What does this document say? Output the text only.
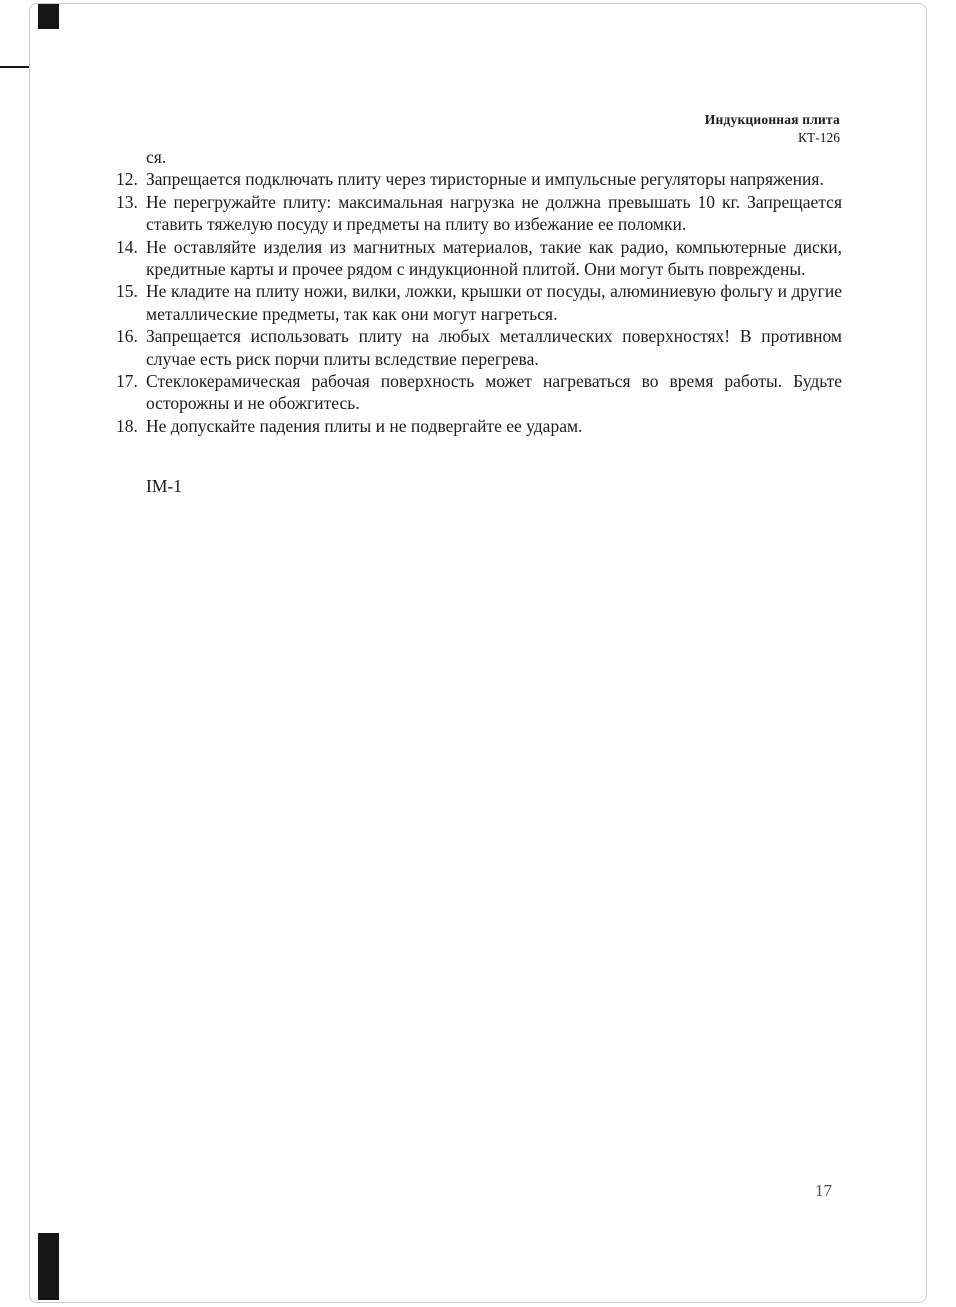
Индукционная плита
КТ-126
ся.
12. Запрещается подключать плиту через тиристорные и импульсные регуляторы напряжения.
13. Не перегружайте плиту: максимальная нагрузка не должна превышать 10 кг. Запрещается ставить тяжелую посуду и предметы на плиту во избежание ее поломки.
14. Не оставляйте изделия из магнитных материалов, такие как радио, компьютерные диски, кредитные карты и прочее рядом с индукционной плитой. Они могут быть повреждены.
15. Не кладите на плиту ножи, вилки, ложки, крышки от посуды, алюминиевую фольгу и другие металлические предметы, так как они могут нагреться.
16. Запрещается использовать плиту на любых металлических поверхностях! В противном случае есть риск порчи плиты вследствие перегрева.
17. Стеклокерамическая рабочая поверхность может нагреваться во время работы. Будьте осторожны и не обожгитесь.
18. Не допускайте падения плиты и не подвергайте ее ударам.
IM-1
17
